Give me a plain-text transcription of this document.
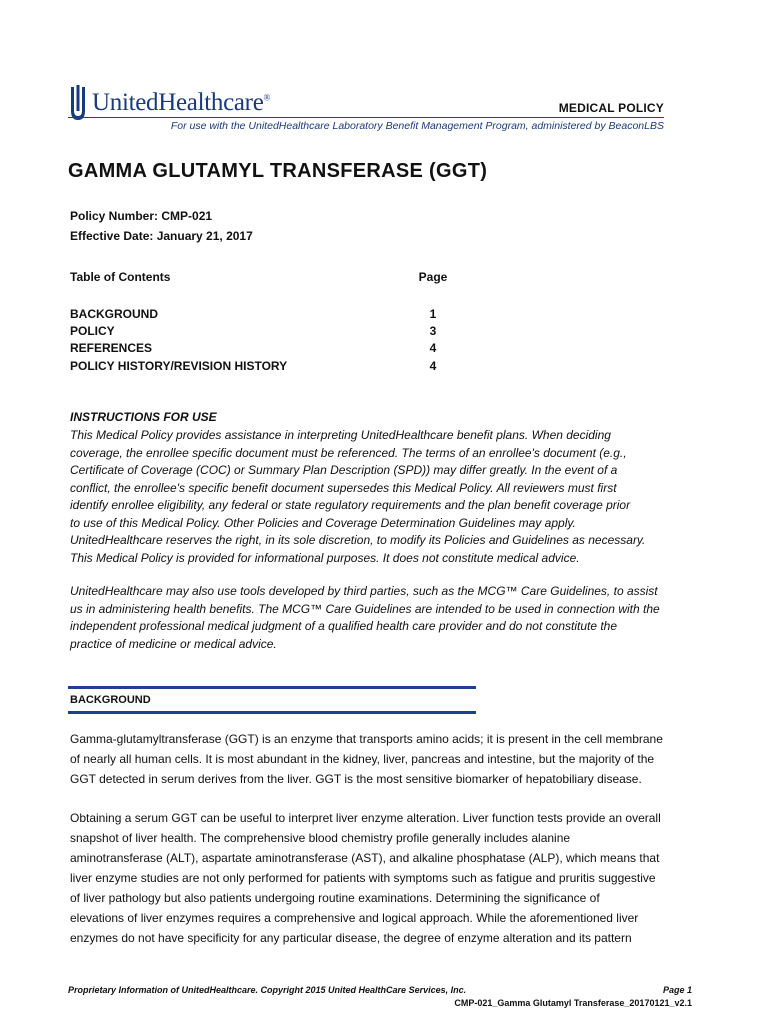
UnitedHealthcare®
MEDICAL POLICY
For use with the UnitedHealthcare Laboratory Benefit Management Program, administered by BeaconLBS
GAMMA GLUTAMYL TRANSFERASE (GGT)
Policy Number: CMP-021
Effective Date: January 21, 2017
Table of Contents	Page
BACKGROUND	1
POLICY	3
REFERENCES	4
POLICY HISTORY/REVISION HISTORY	4
INSTRUCTIONS FOR USE
This Medical Policy provides assistance in interpreting UnitedHealthcare benefit plans. When deciding
coverage, the enrollee specific document must be referenced. The terms of an enrollee's document (e.g.,
Certificate of Coverage (COC) or Summary Plan Description (SPD)) may differ greatly. In the event of a
conflict, the enrollee's specific benefit document supersedes this Medical Policy. All reviewers must first
identify enrollee eligibility, any federal or state regulatory requirements and the plan benefit coverage prior
to use of this Medical Policy. Other Policies and Coverage Determination Guidelines may apply.
UnitedHealthcare reserves the right, in its sole discretion, to modify its Policies and Guidelines as necessary.
This Medical Policy is provided for informational purposes. It does not constitute medical advice.
UnitedHealthcare may also use tools developed by third parties, such as the MCG™ Care Guidelines, to assist
us in administering health benefits. The MCG™ Care Guidelines are intended to be used in connection with the
independent professional medical judgment of a qualified health care provider and do not constitute the
practice of medicine or medical advice.
BACKGROUND
Gamma-glutamyltransferase (GGT) is an enzyme that transports amino acids; it is present in the cell membrane
of nearly all human cells. It is most abundant in the kidney, liver, pancreas and intestine, but the majority of the
GGT detected in serum derives from the liver. GGT is the most sensitive biomarker of hepatobiliary disease.
Obtaining a serum GGT can be useful to interpret liver enzyme alteration. Liver function tests provide an overall
snapshot of liver health. The comprehensive blood chemistry profile generally includes alanine
aminotransferase (ALT), aspartate aminotransferase (AST), and alkaline phosphatase (ALP), which means that
liver enzyme studies are not only performed for patients with symptoms such as fatigue and pruritis suggestive
of liver pathology but also patients undergoing routine examinations. Determining the significance of
elevations of liver enzymes requires a comprehensive and logical approach. While the aforementioned liver
enzymes do not have specificity for any particular disease, the degree of enzyme alteration and its pattern
Proprietary Information of UnitedHealthcare. Copyright 2015 United HealthCare Services, Inc.	Page 1
CMP-021_Gamma Glutamyl Transferase_20170121_v2.1
